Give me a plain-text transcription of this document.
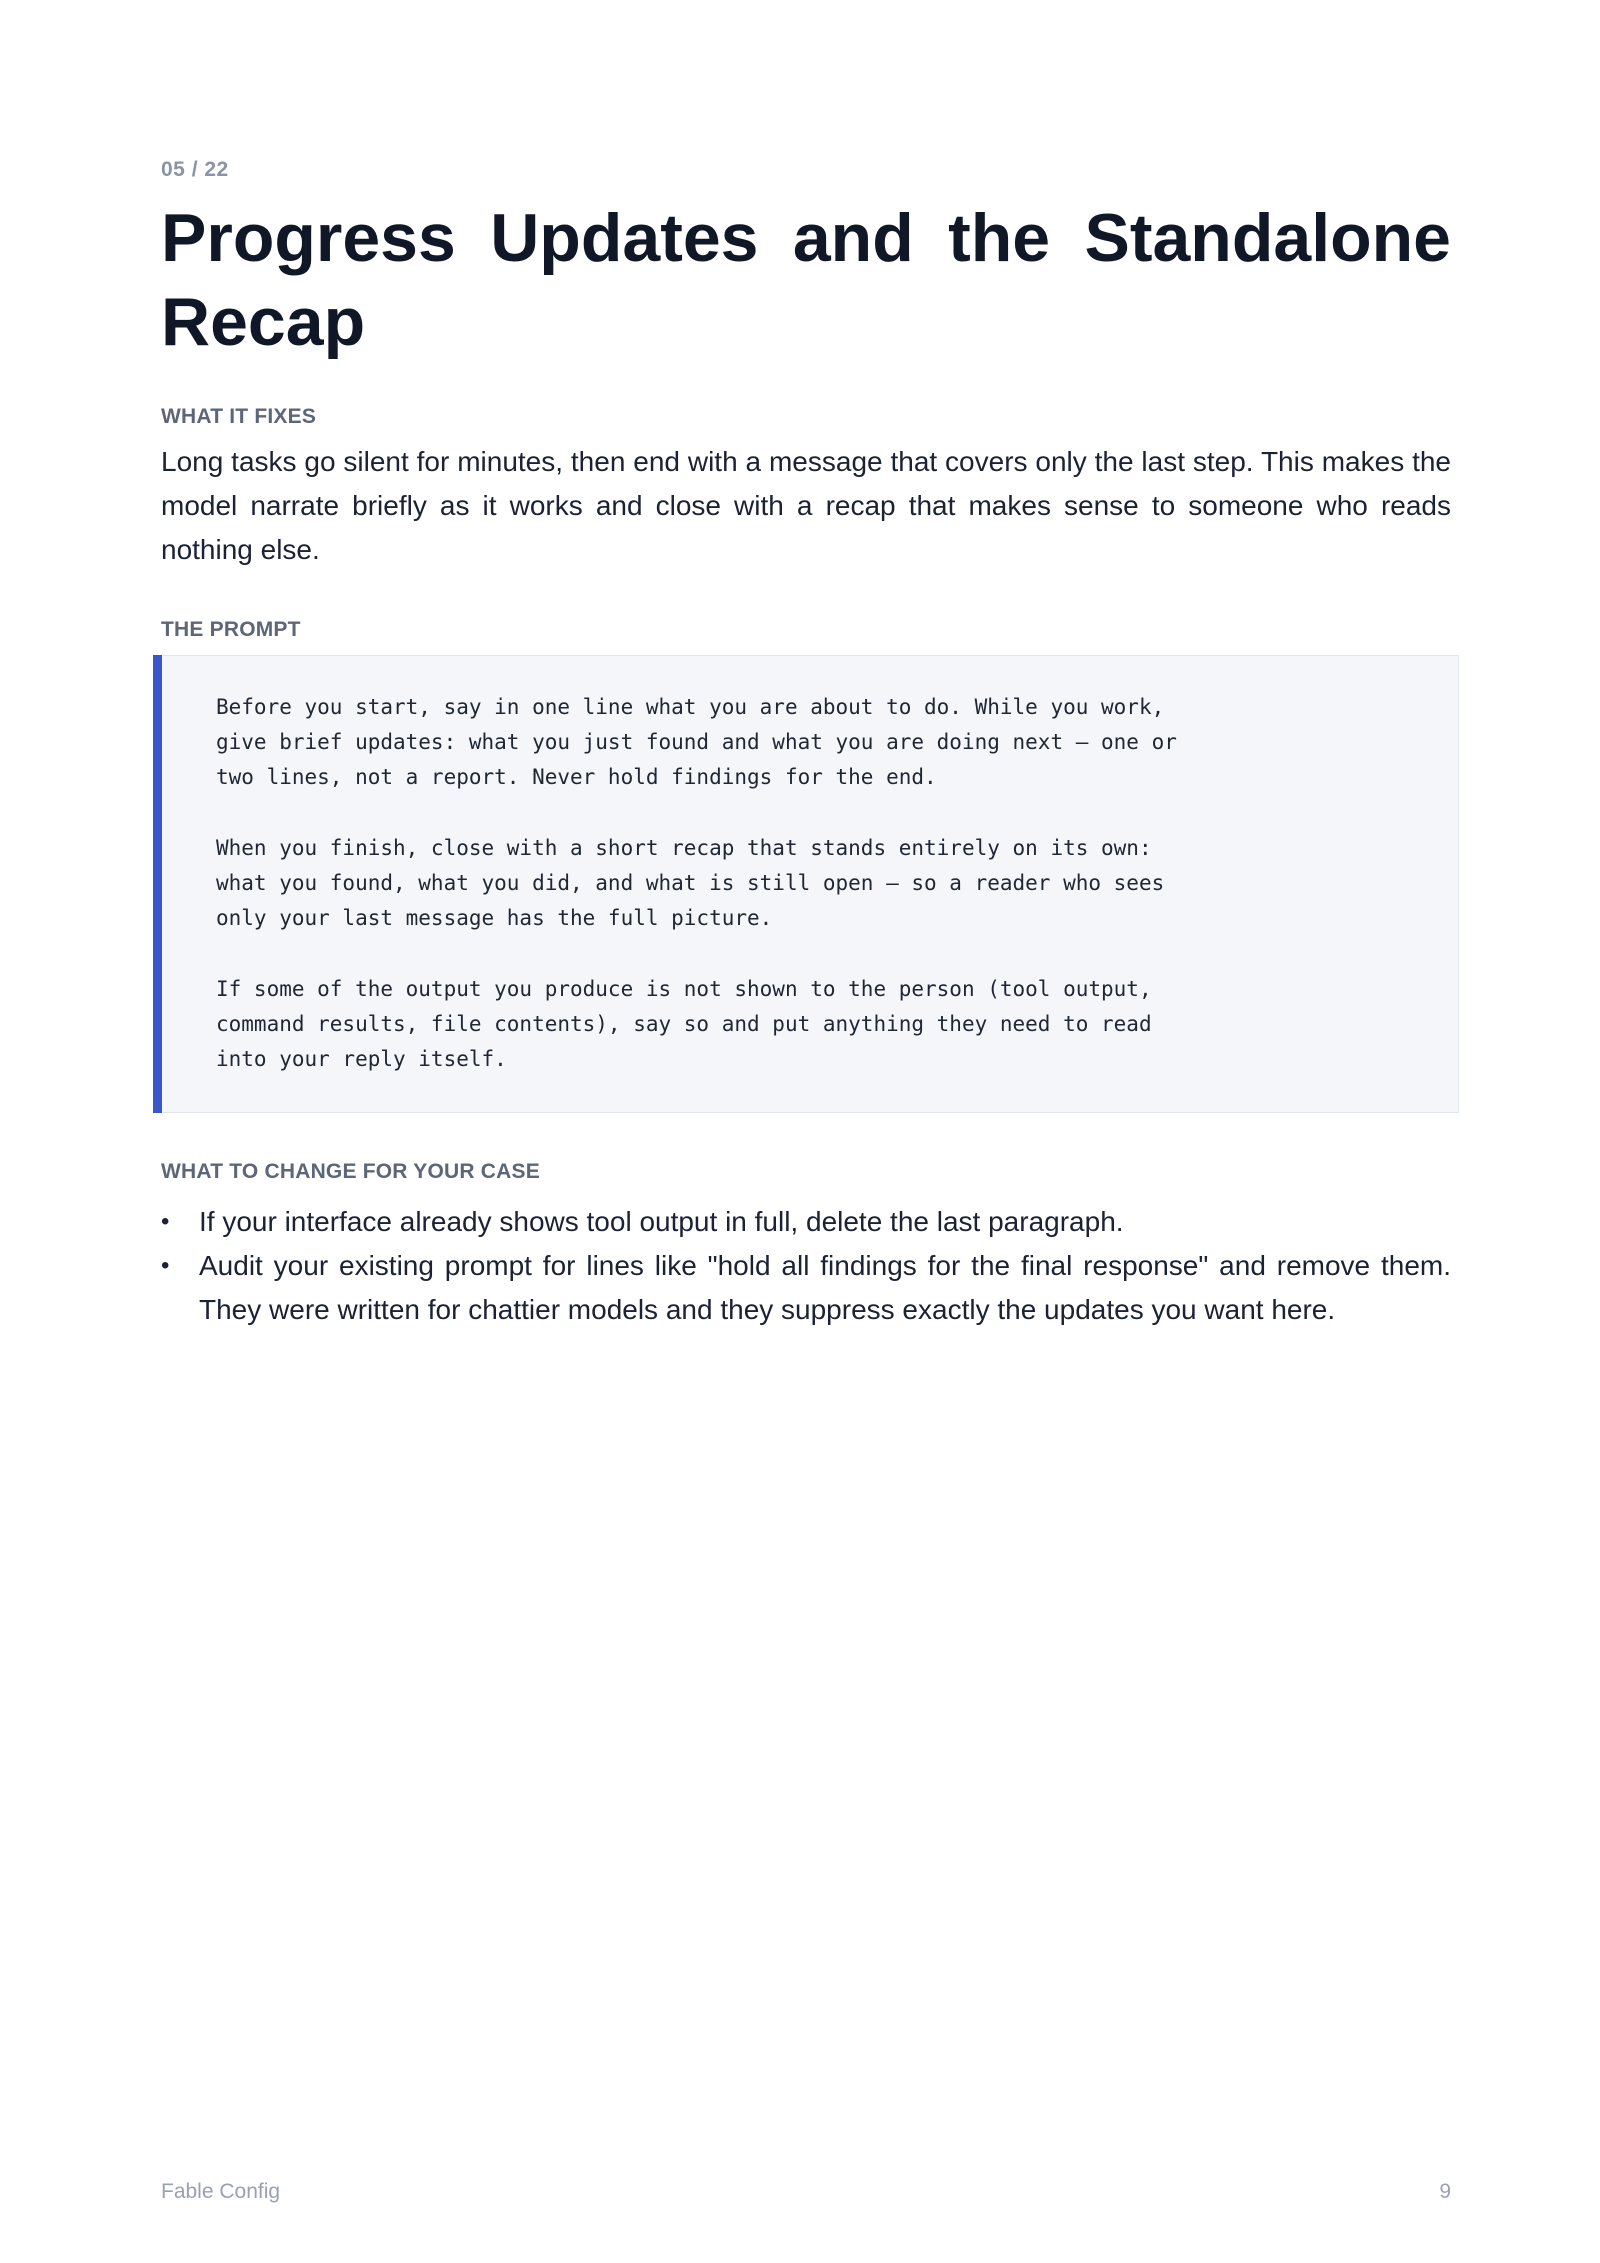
05 / 22
Progress Updates and the Standalone Recap
WHAT IT FIXES

Long tasks go silent for minutes, then end with a message that covers only the last step. This makes the model narrate briefly as it works and close with a recap that makes sense to someone who reads nothing else.

THE PROMPT
Before you start, say in one line what you are about to do. While you work,
give brief updates: what you just found and what you are doing next — one or
two lines, not a report. Never hold findings for the end.

When you finish, close with a short recap that stands entirely on its own:
what you found, what you did, and what is still open — so a reader who sees
only your last message has the full picture.

If some of the output you produce is not shown to the person (tool output,
command results, file contents), say so and put anything they need to read
into your reply itself.
WHAT TO CHANGE FOR YOUR CASE
• If your interface already shows tool output in full, delete the last paragraph.
• Audit your existing prompt for lines like "hold all findings for the final response" and remove them. They were written for chattier models and they suppress exactly the updates you want here.
Fable Config	9
